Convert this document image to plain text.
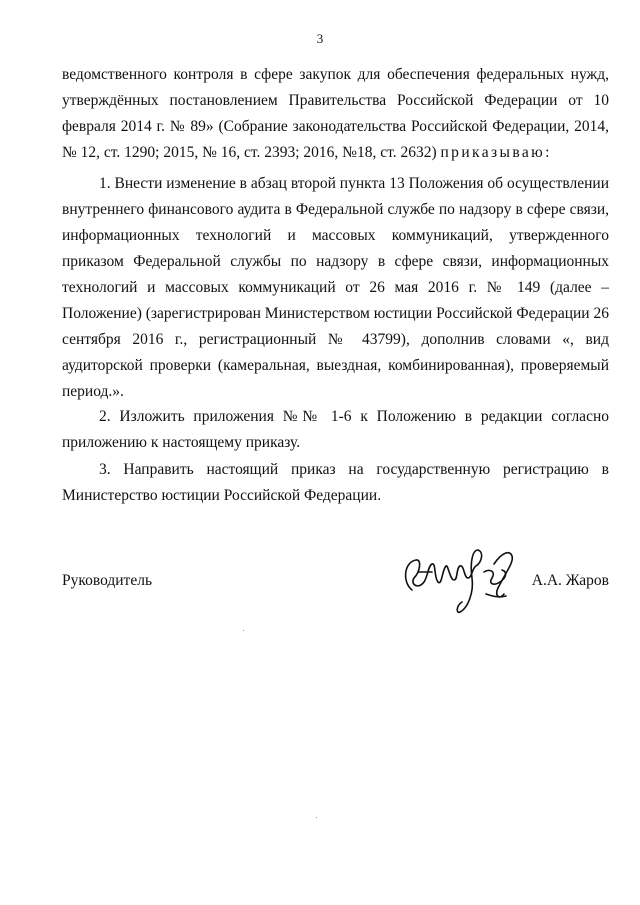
3
ведомственного контроля в сфере закупок для обеспечения федеральных нужд, утверждённых постановлением Правительства Российской Федерации от 10 февраля 2014 г. № 89» (Собрание законодательства Российской Федерации, 2014, № 12, ст. 1290; 2015, № 16, ст. 2393; 2016, №18, ст. 2632) приказываю:
1. Внести изменение в абзац второй пункта 13 Положения об осуществлении внутреннего финансового аудита в Федеральной службе по надзору в сфере связи, информационных технологий и массовых коммуникаций, утвержденного приказом Федеральной службы по надзору в сфере связи, информационных технологий и массовых коммуникаций от 26 мая 2016 г. № 149 (далее – Положение) (зарегистрирован Министерством юстиции Российской Федерации 26 сентября 2016 г., регистрационный № 43799), дополнив словами «, вид аудиторской проверки (камеральная, выездная, комбинированная), проверяемый период.».
2. Изложить приложения №№ 1-6 к Положению в редакции согласно приложению к настоящему приказу.
3. Направить настоящий приказ на государственную регистрацию в Министерство юстиции Российской Федерации.
Руководитель	А.А. Жаров
